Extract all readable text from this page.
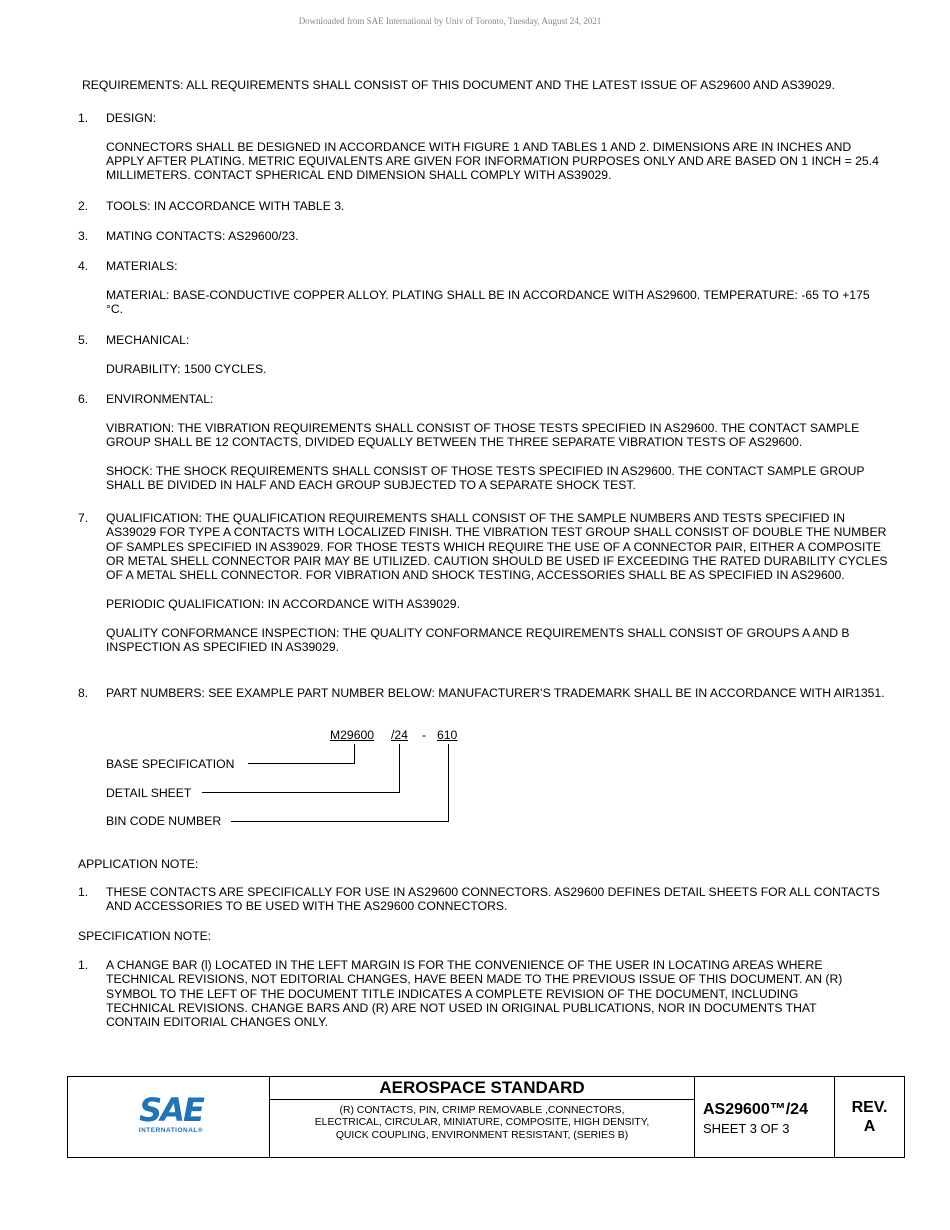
Downloaded from SAE International by Univ of Toronto, Tuesday, August 24, 2021
REQUIREMENTS: ALL REQUIREMENTS SHALL CONSIST OF THIS DOCUMENT AND THE LATEST ISSUE OF AS29600 AND AS39029.
1. DESIGN:

CONNECTORS SHALL BE DESIGNED IN ACCORDANCE WITH FIGURE 1 AND TABLES 1 AND 2. DIMENSIONS ARE IN INCHES AND APPLY AFTER PLATING. METRIC EQUIVALENTS ARE GIVEN FOR INFORMATION PURPOSES ONLY AND ARE BASED ON 1 INCH = 25.4 MILLIMETERS. CONTACT SPHERICAL END DIMENSION SHALL COMPLY WITH AS39029.

2. TOOLS: IN ACCORDANCE WITH TABLE 3.

3. MATING CONTACTS: AS29600/23.

4. MATERIALS:

MATERIAL: BASE-CONDUCTIVE COPPER ALLOY. PLATING SHALL BE IN ACCORDANCE WITH AS29600. TEMPERATURE: -65 TO +175 °C.

5. MECHANICAL:

DURABILITY: 1500 CYCLES.

6. ENVIRONMENTAL:

VIBRATION: THE VIBRATION REQUIREMENTS SHALL CONSIST OF THOSE TESTS SPECIFIED IN AS29600. THE CONTACT SAMPLE GROUP SHALL BE 12 CONTACTS, DIVIDED EQUALLY BETWEEN THE THREE SEPARATE VIBRATION TESTS OF AS29600.

SHOCK: THE SHOCK REQUIREMENTS SHALL CONSIST OF THOSE TESTS SPECIFIED IN AS29600. THE CONTACT SAMPLE GROUP SHALL BE DIVIDED IN HALF AND EACH GROUP SUBJECTED TO A SEPARATE SHOCK TEST.

7. QUALIFICATION: THE QUALIFICATION REQUIREMENTS SHALL CONSIST OF THE SAMPLE NUMBERS AND TESTS SPECIFIED IN AS39029 FOR TYPE A CONTACTS WITH LOCALIZED FINISH. THE VIBRATION TEST GROUP SHALL CONSIST OF DOUBLE THE NUMBER OF SAMPLES SPECIFIED IN AS39029. FOR THOSE TESTS WHICH REQUIRE THE USE OF A CONNECTOR PAIR, EITHER A COMPOSITE OR METAL SHELL CONNECTOR PAIR MAY BE UTILIZED. CAUTION SHOULD BE USED IF EXCEEDING THE RATED DURABILITY CYCLES OF A METAL SHELL CONNECTOR. FOR VIBRATION AND SHOCK TESTING, ACCESSORIES SHALL BE AS SPECIFIED IN AS29600.

PERIODIC QUALIFICATION: IN ACCORDANCE WITH AS39029.

QUALITY CONFORMANCE INSPECTION: THE QUALITY CONFORMANCE REQUIREMENTS SHALL CONSIST OF GROUPS A AND B INSPECTION AS SPECIFIED IN AS39029.

8. PART NUMBERS: SEE EXAMPLE PART NUMBER BELOW: MANUFACTURER’S TRADEMARK SHALL BE IN ACCORDANCE WITH AIR1351.

M29600 /24 - 610
BASE SPECIFICATION
DETAIL SHEET
BIN CODE NUMBER
APPLICATION NOTE:
1. THESE CONTACTS ARE SPECIFICALLY FOR USE IN AS29600 CONNECTORS. AS29600 DEFINES DETAIL SHEETS FOR ALL CONTACTS AND ACCESSORIES TO BE USED WITH THE AS29600 CONNECTORS.

SPECIFICATION NOTE:
1. A CHANGE BAR (l) LOCATED IN THE LEFT MARGIN IS FOR THE CONVENIENCE OF THE USER IN LOCATING AREAS WHERE TECHNICAL REVISIONS, NOT EDITORIAL CHANGES, HAVE BEEN MADE TO THE PREVIOUS ISSUE OF THIS DOCUMENT. AN (R) SYMBOL TO THE LEFT OF THE DOCUMENT TITLE INDICATES A COMPLETE REVISION OF THE DOCUMENT, INCLUDING TECHNICAL REVISIONS. CHANGE BARS AND (R) ARE NOT USED IN ORIGINAL PUBLICATIONS, NOR IN DOCUMENTS THAT CONTAIN EDITORIAL CHANGES ONLY.

SAE
INTERNATIONAL®
AEROSPACE STANDARD
(R) CONTACTS, PIN, CRIMP REMOVABLE ,CONNECTORS, ELECTRICAL, CIRCULAR, MINIATURE, COMPOSITE, HIGH DENSITY, QUICK COUPLING, ENVIRONMENT RESISTANT, (SERIES B)
AS29600™/24
SHEET 3 OF 3
REV.
A
